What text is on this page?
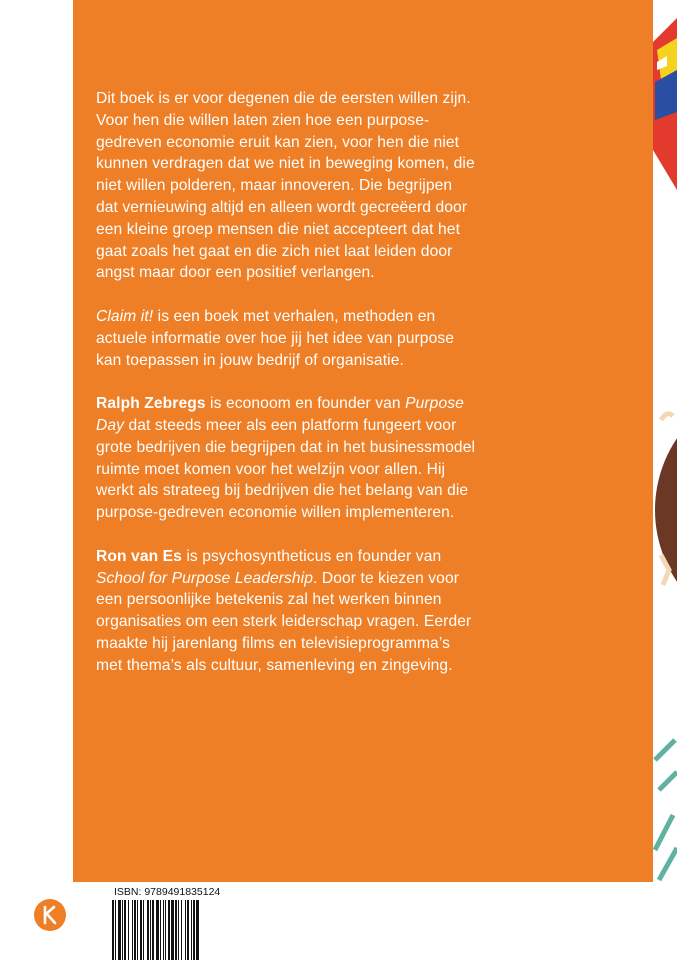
Dit boek is er voor degenen die de eersten willen zijn. Voor hen die willen laten zien hoe een purpose-gedreven economie eruit kan zien, voor hen die niet kunnen verdragen dat we niet in beweging komen, die niet willen polderen, maar innoveren. Die begrijpen dat vernieuwing altijd en alleen wordt gecreëerd door een kleine groep mensen die niet accepteert dat het gaat zoals het gaat en die zich niet laat leiden door angst maar door een positief verlangen.

Claim it! is een boek met verhalen, methoden en actuele informatie over hoe jij het idee van purpose kan toepassen in jouw bedrijf of organisatie.

Ralph Zebregs is econoom en founder van Purpose Day dat steeds meer als een platform fungeert voor grote bedrijven die begrijpen dat in het businessmodel ruimte moet komen voor het welzijn voor allen. Hij werkt als strateeg bij bedrijven die het belang van die purpose-gedreven economie willen implementeren.

Ron van Es is psychosyntheticus en founder van School for Purpose Leadership. Door te kiezen voor een persoonlijke betekenis zal het werken binnen organisaties om een sterk leiderschap vragen. Eerder maakte hij jarenlang films en televisieprogramma’s met thema’s als cultuur, samenleving en zingeving.

ISBN: 9789491835124
